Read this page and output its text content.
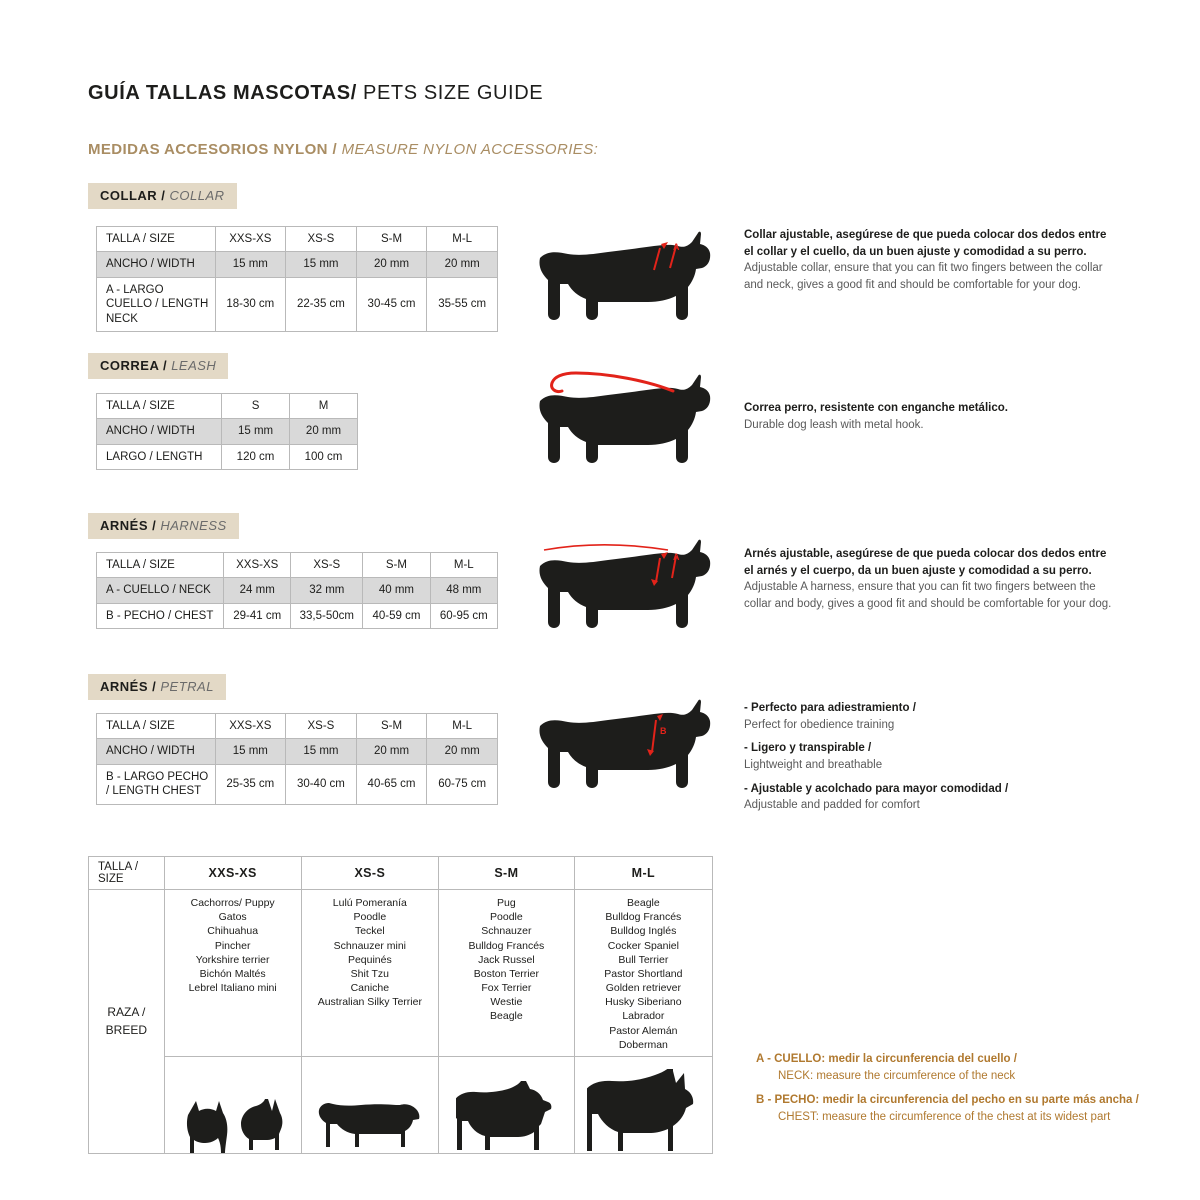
GUÍA TALLAS MASCOTAS/ PETS SIZE GUIDE
MEDIDAS ACCESORIOS NYLON / MEASURE NYLON ACCESSORIES:
COLLAR / COLLAR
TALLA / SIZE	XXS-XS	XS-S	S-M	M-L
ANCHO / WIDTH	15 mm	15 mm	20 mm	20 mm
A - LARGO CUELLO / LENGTH NECK	18-30 cm	22-35 cm	30-45 cm	35-55 cm
A
Collar ajustable, asegúrese de que pueda colocar dos dedos entre el collar y el cuello, da un buen ajuste y comodidad a su perro.
Adjustable collar, ensure that you can fit two fingers between the collar and neck, gives a good fit and should be comfortable for your dog.
CORREA / LEASH
TALLA / SIZE	S	M
ANCHO / WIDTH	15 mm	20 mm
LARGO / LENGTH	120 cm	100 cm
Correa perro, resistente con enganche metálico.
Durable dog leash with metal hook.
ARNÉS / HARNESS
TALLA / SIZE	XXS-XS	XS-S	S-M	M-L
A - CUELLO / NECK	24 mm	32 mm	40 mm	48 mm
B - PECHO / CHEST	29-41 cm	33,5-50cm	40-59 cm	60-95 cm
A	Arnés ajustable, asegúrese de que pueda colocar dos dedos entre el arnés y el cuerpo, da un buen ajuste y comodidad a su perro.
Adjustable A harness, ensure that you can fit two fingers between the collar and body, gives a good fit and should be comfortable for your dog.
ARNÉS / PETRAL
TALLA / SIZE	XXS-XS	XS-S	S-M	M-L
ANCHO / WIDTH	15 mm	15 mm	20 mm	20 mm
B - LARGO PECHO / LENGTH CHEST	25-35 cm	30-40 cm	40-65 cm	60-75 cm
B
- Perfecto para adiestramiento /
Perfect for obedience training
- Ligero y transpirable /
Lightweight and breathable
- Ajustable y acolchado para mayor comodidad /
Adjustable and padded for comfort
TALLA / SIZE	XXS-XS	XS-S	S-M	M-L
RAZA /
BREED	Cachorros/ Puppy
Gatos
Chihuahua
Pincher
Yorkshire terrier
Bichón Maltés
Lebrel Italiano mini	Lulú Pomeranía
Poodle
Teckel
Schnauzer mini
Pequinés
Shit Tzu
Caniche
Australian Silky Terrier	Pug
Poodle
Schnauzer
Bulldog Francés
Jack Russel
Boston Terrier
Fox Terrier
Westie
Beagle	Beagle
Bulldog Francés
Bulldog Inglés
Cocker Spaniel
Bull Terrier
Pastor Shortland
Golden retriever
Husky Siberiano
Labrador
Pastor Alemán
Doberman

A - CUELLO: medir la circunferencia del cuello /
NECK: measure the circumference of the neck
B - PECHO: medir la circunferencia del pecho en su parte más ancha /
CHEST: measure the circumference of the chest at its widest part
